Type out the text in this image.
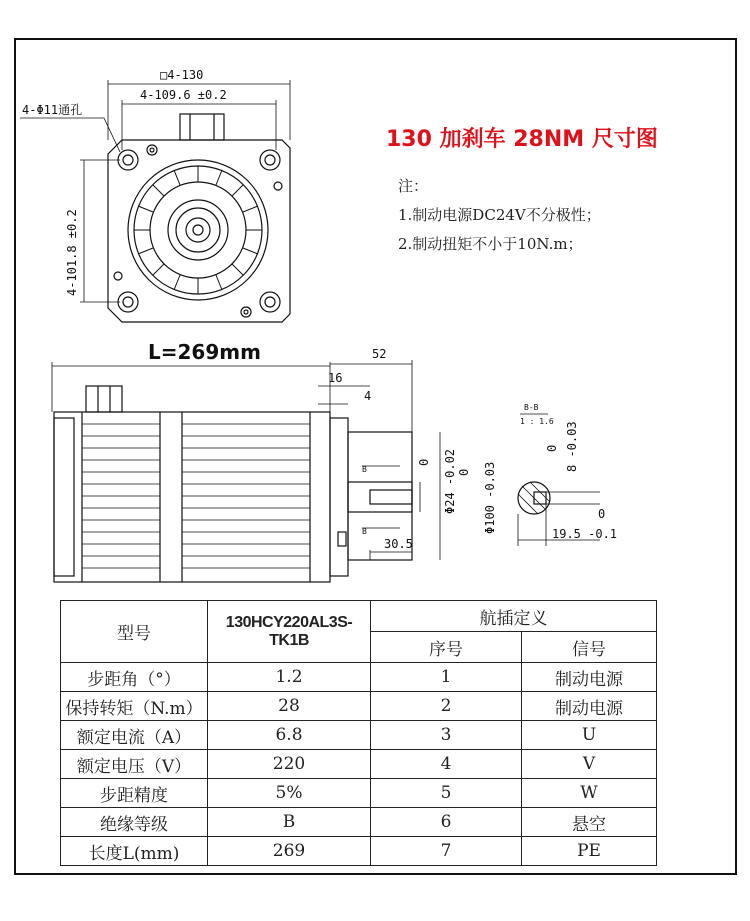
130 加刹车 28NM 尺寸图
注：
1.制动电源DC24V不分极性；
2.制动扭矩不小于10N.m；
L=269mm
□4-130
4-109.6 ±0.2
4-Φ11通孔
4-101.8 ±0.2
52
16
4
30.5
B
B
Φ24 -0.02
0	Φ100 -0.03
0
B-B
1 : 1.6 8 -0.03
0
19.5 -0.1
0
型号	130HCY220AL3S-TK1B	航插定义	
		序号	信号
步距角（°）	1.2	1	制动电源
保持转矩（N.m）	28	2	制动电源
额定电流（A）	6.8	3	U
额定电压（V）	220	4	V
步距精度	5%	5	W
绝缘等级	B	6	悬空
长度L(mm)	269	7	PE
